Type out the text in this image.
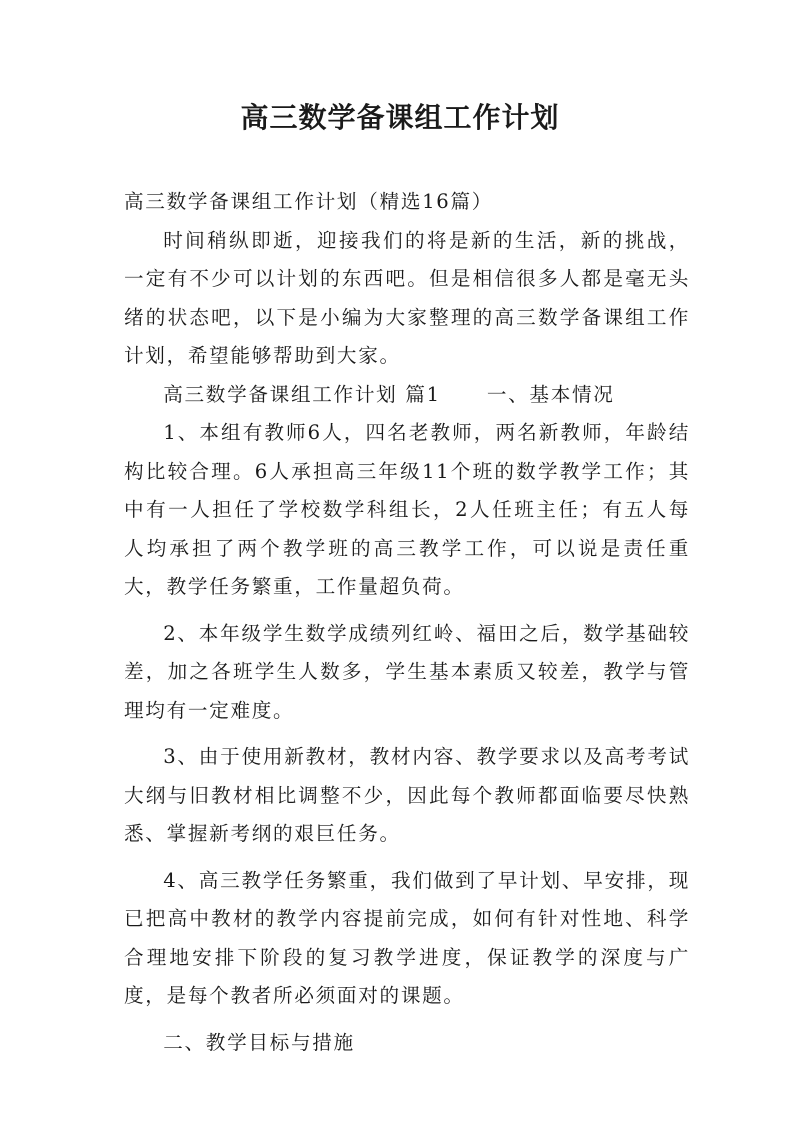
高三数学备课组工作计划

高三数学备课组工作计划（精选16篇）

时间稍纵即逝，迎接我们的将是新的生活，新的挑战，一定有不少可以计划的东西吧。但是相信很多人都是毫无头绪的状态吧，以下是小编为大家整理的高三数学备课组工作计划，希望能够帮助到大家。

高三数学备课组工作计划 篇1 一、基本情况

1、本组有教师6人，四名老教师，两名新教师，年龄结构比较合理。6人承担高三年级11个班的数学教学工作；其中有一人担任了学校数学科组长，2人任班主任；有五人每人均承担了两个教学班的高三教学工作，可以说是责任重大，教学任务繁重，工作量超负荷。

2、本年级学生数学成绩列红岭、福田之后，数学基础较差，加之各班学生人数多，学生基本素质又较差，教学与管理均有一定难度。

3、由于使用新教材，教材内容、教学要求以及高考考试大纲与旧教材相比调整不少，因此每个教师都面临要尽快熟悉、掌握新考纲的艰巨任务。

4、高三教学任务繁重，我们做到了早计划、早安排，现已把高中教材的教学内容提前完成，如何有针对性地、科学合理地安排下阶段的复习教学进度，保证教学的深度与广度，是每个教者所必须面对的课题。

二、教学目标与措施
